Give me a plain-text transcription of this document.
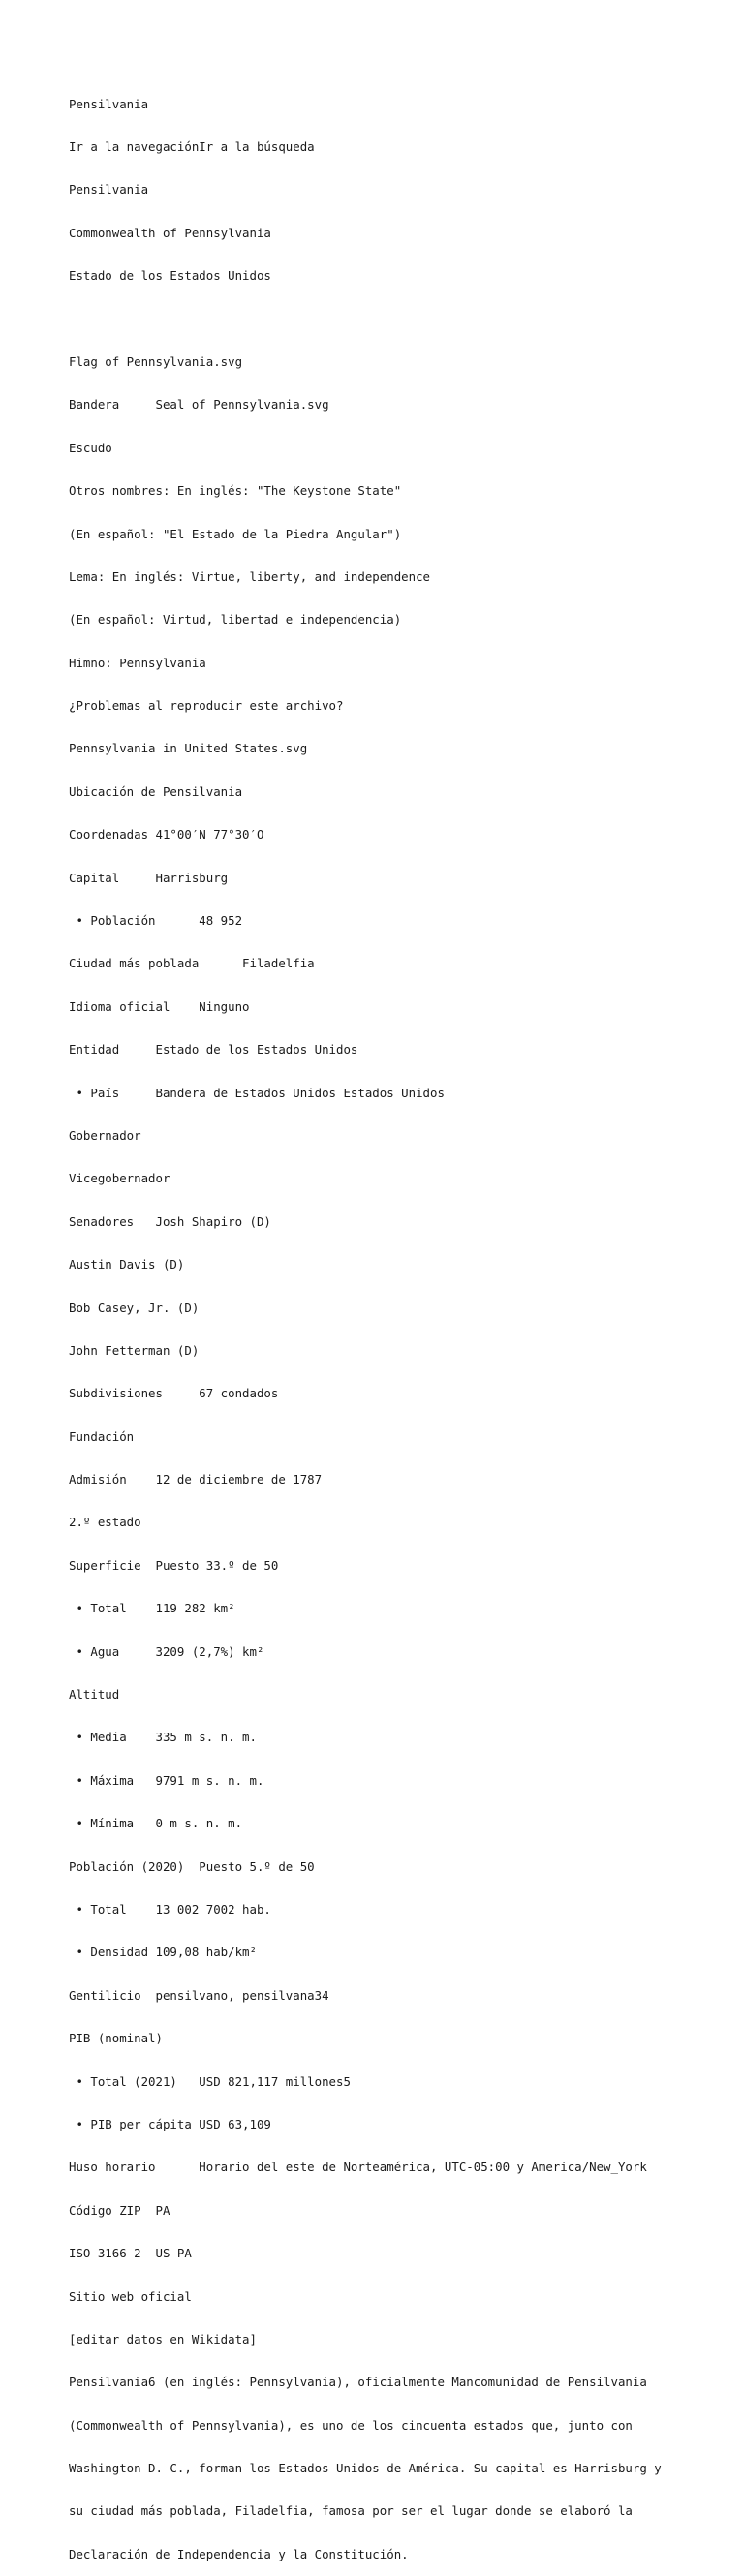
Pensilvania

Ir a la navegaciónIr a la búsqueda

Pensilvania

Commonwealth of Pennsylvania

Estado de los Estados Unidos

Flag of Pennsylvania.svg

Bandera     Seal of Pennsylvania.svg

Escudo

Otros nombres: En inglés: "The Keystone State"

(En español: "El Estado de la Piedra Angular")

Lema: En inglés: Virtue, liberty, and independence

(En español: Virtud, libertad e independencia)

Himno: Pennsylvania

¿Problemas al reproducir este archivo?

Pennsylvania in United States.svg

Ubicación de Pensilvania

Coordenadas 41°00′N 77°30′O

Capital     Harrisburg

• Población      48 952

Ciudad más poblada      Filadelfia

Idioma oficial    Ninguno

Entidad     Estado de los Estados Unidos

• País     Bandera de Estados Unidos Estados Unidos

Gobernador

Vicegobernador

Senadores   Josh Shapiro (D)

Austin Davis (D)

Bob Casey, Jr. (D)

John Fetterman (D)

Subdivisiones     67 condados

Fundación

Admisión    12 de diciembre de 1787

2.º estado

Superficie  Puesto 33.º de 50

• Total    119 282 km²

• Agua     3209 (2,7%) km²

Altitud

• Media    335 m s. n. m.

• Máxima   9791 m s. n. m.

• Mínima   0 m s. n. m.

Población (2020)  Puesto 5.º de 50

• Total    13 002 7002 hab.

• Densidad 109,08 hab/km²

Gentilicio  pensilvano, pensilvana34

PIB (nominal)

• Total (2021)   USD 821,117 millones5

• PIB per cápita USD 63,109

Huso horario      Horario del este de Norteamérica, UTC-05:00 y America/New_York

Código ZIP  PA

ISO 3166-2  US-PA

Sitio web oficial

[editar datos en Wikidata]

Pensilvania6 (en inglés: Pennsylvania), oficialmente Mancomunidad de Pensilvania

(Commonwealth of Pennsylvania), es uno de los cincuenta estados que, junto con

Washington D. C., forman los Estados Unidos de América. Su capital es Harrisburg y

su ciudad más poblada, Filadelfia, famosa por ser el lugar donde se elaboró la

Declaración de Independencia y la Constitución.
